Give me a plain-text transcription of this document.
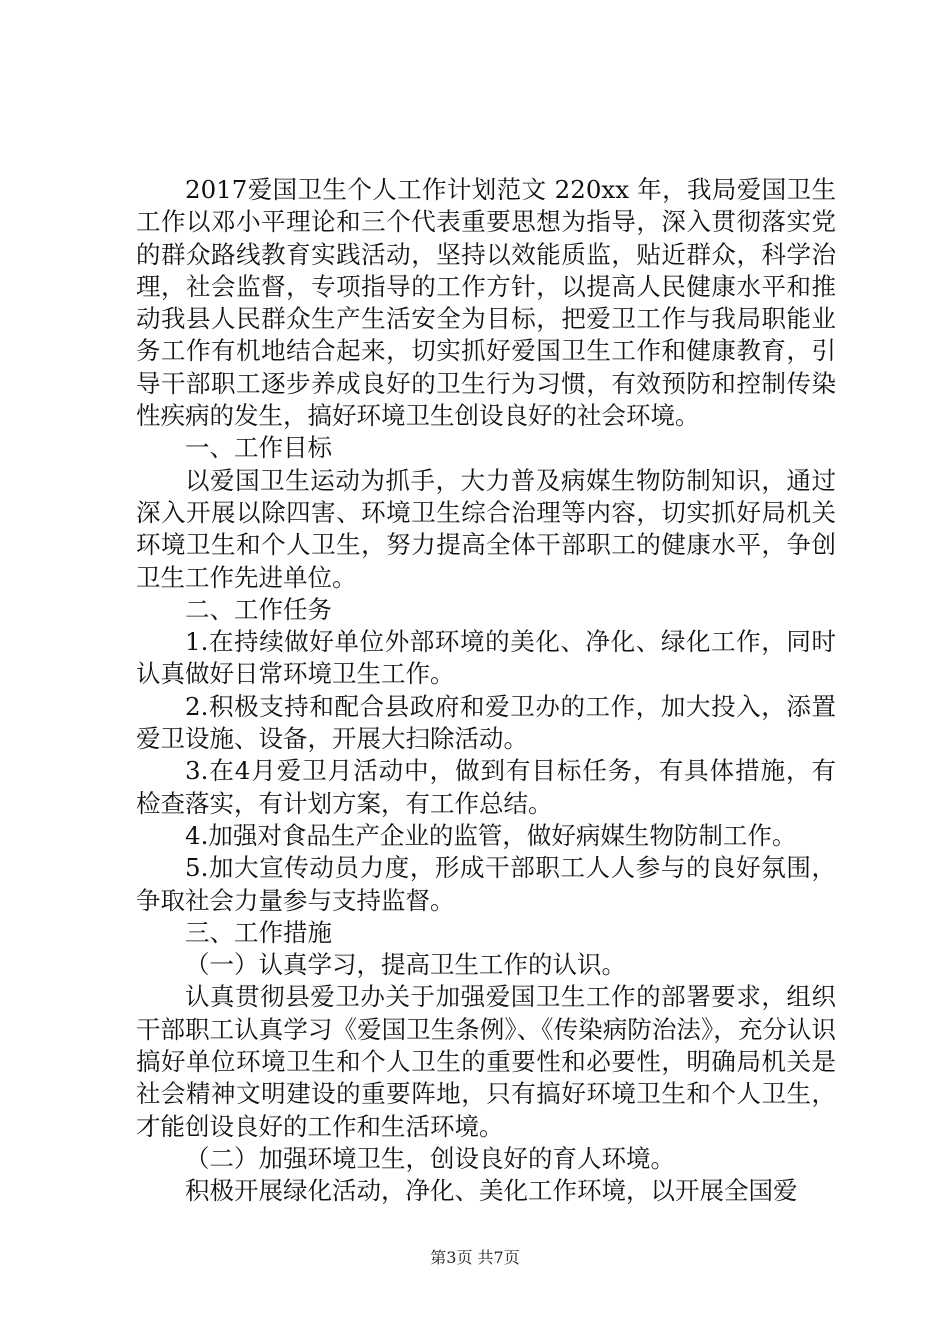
2017爱国卫生个人工作计划范文 220xx 年，我局爱国卫生工作以邓小平理论和三个代表重要思想为指导，深入贯彻落实党的群众路线教育实践活动，坚持以效能质监，贴近群众，科学治理，社会监督，专项指导的工作方针，以提高人民健康水平和推动我县人民群众生产生活安全为目标，把爱卫工作与我局职能业务工作有机地结合起来，切实抓好爱国卫生工作和健康教育，引导干部职工逐步养成良好的卫生行为习惯，有效预防和控制传染性疾病的发生，搞好环境卫生创设良好的社会环境。

一、工作目标

以爱国卫生运动为抓手，大力普及病媒生物防制知识，通过深入开展以除四害、环境卫生综合治理等内容，切实抓好局机关环境卫生和个人卫生，努力提高全体干部职工的健康水平，争创卫生工作先进单位。

二、工作任务

1.在持续做好单位外部环境的美化、净化、绿化工作，同时认真做好日常环境卫生工作。

2.积极支持和配合县政府和爱卫办的工作，加大投入，添置爱卫设施、设备，开展大扫除活动。

3.在4月爱卫月活动中，做到有目标任务，有具体措施，有检查落实，有计划方案，有工作总结。

4.加强对食品生产企业的监管，做好病媒生物防制工作。

5.加大宣传动员力度，形成干部职工人人参与的良好氛围，争取社会力量参与支持监督。

三、工作措施

（一）认真学习，提高卫生工作的认识。

认真贯彻县爱卫办关于加强爱国卫生工作的部署要求，组织干部职工认真学习《爱国卫生条例》、《传染病防治法》，充分认识搞好单位环境卫生和个人卫生的重要性和必要性，明确局机关是社会精神文明建设的重要阵地，只有搞好环境卫生和个人卫生，才能创设良好的工作和生活环境。

（二）加强环境卫生，创设良好的育人环境。

积极开展绿化活动，净化、美化工作环境，以开展全国爱

第3页 共7页
